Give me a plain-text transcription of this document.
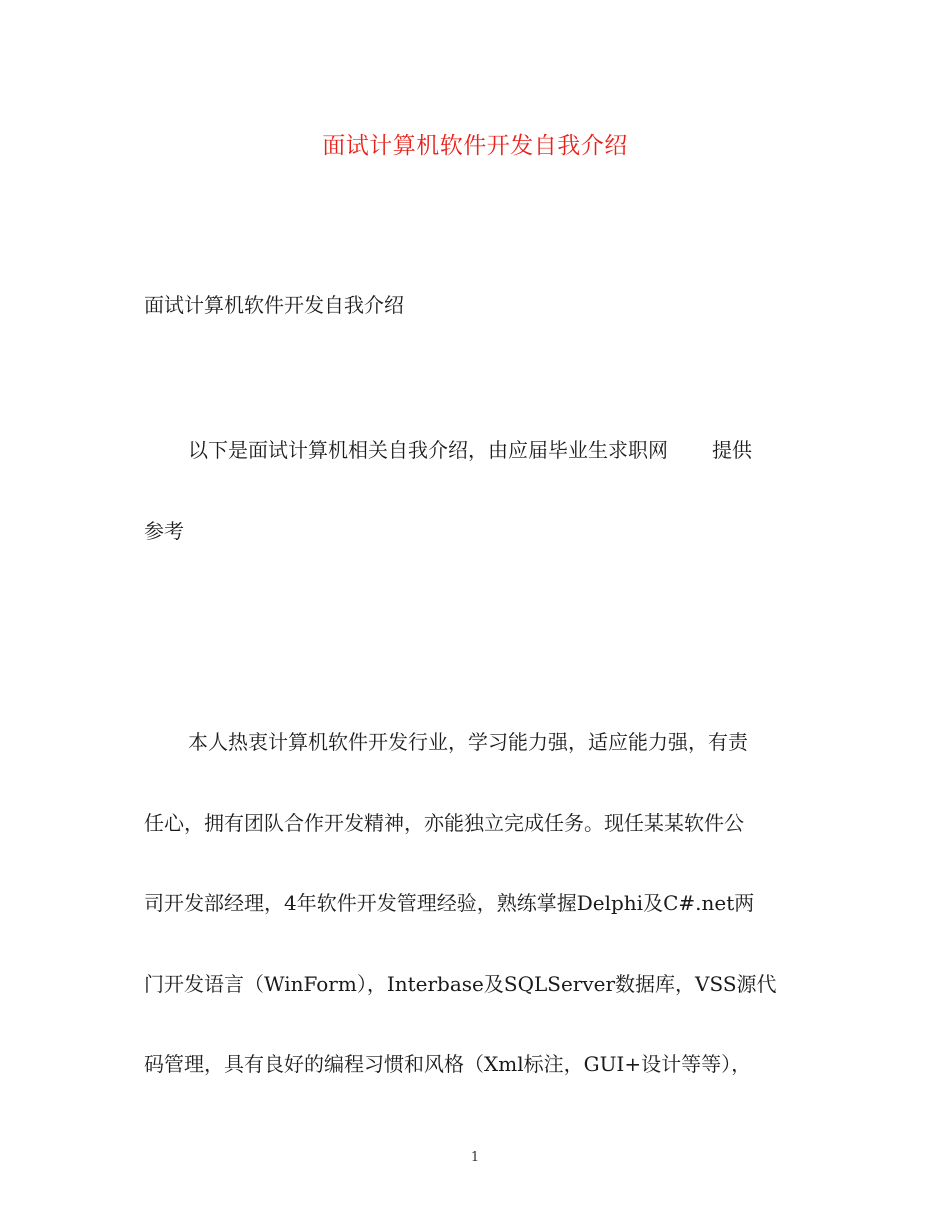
面试计算机软件开发自我介绍
面试计算机软件开发自我介绍

以下是面试计算机相关自我介绍，由应届毕业生求职网 提供
参考

本人热衷计算机软件开发行业，学习能力强，适应能力强，有责
任心，拥有团队合作开发精神，亦能独立完成任务。现任某某软件公
司开发部经理，4年软件开发管理经验，熟练掌握Delphi及C#.net两
门开发语言（WinForm），Interbase及SQLServer数据库，VSS源代
码管理，具有良好的编程习惯和风格（Xml标注，GUI+设计等等），

1
